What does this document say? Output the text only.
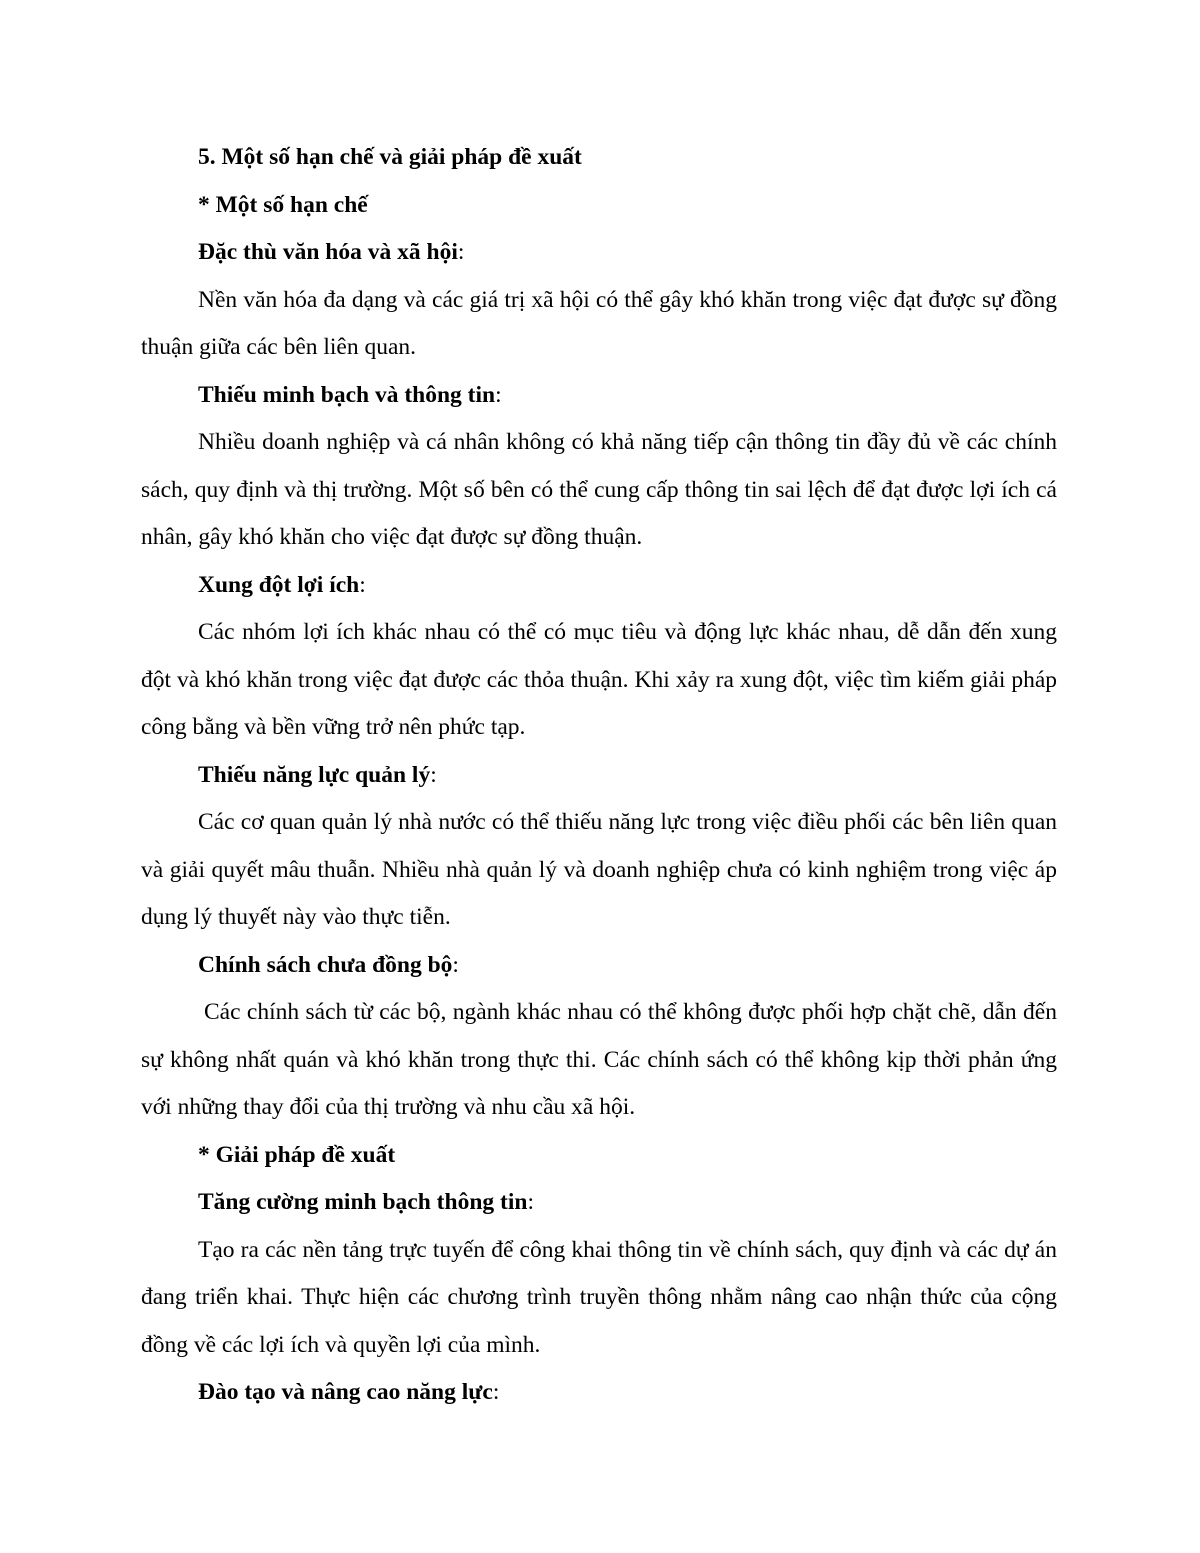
5. Một số hạn chế và giải pháp đề xuất

* Một số hạn chế

Đặc thù văn hóa và xã hội:

Nền văn hóa đa dạng và các giá trị xã hội có thể gây khó khăn trong việc đạt được sự đồng thuận giữa các bên liên quan.

Thiếu minh bạch và thông tin:

Nhiều doanh nghiệp và cá nhân không có khả năng tiếp cận thông tin đầy đủ về các chính sách, quy định và thị trường. Một số bên có thể cung cấp thông tin sai lệch để đạt được lợi ích cá nhân, gây khó khăn cho việc đạt được sự đồng thuận.

Xung đột lợi ích:

Các nhóm lợi ích khác nhau có thể có mục tiêu và động lực khác nhau, dễ dẫn đến xung đột và khó khăn trong việc đạt được các thỏa thuận. Khi xảy ra xung đột, việc tìm kiếm giải pháp công bằng và bền vững trở nên phức tạp.

Thiếu năng lực quản lý:

Các cơ quan quản lý nhà nước có thể thiếu năng lực trong việc điều phối các bên liên quan và giải quyết mâu thuẫn. Nhiều nhà quản lý và doanh nghiệp chưa có kinh nghiệm trong việc áp dụng lý thuyết này vào thực tiễn.

Chính sách chưa đồng bộ:

Các chính sách từ các bộ, ngành khác nhau có thể không được phối hợp chặt chẽ, dẫn đến sự không nhất quán và khó khăn trong thực thi. Các chính sách có thể không kịp thời phản ứng với những thay đổi của thị trường và nhu cầu xã hội.

* Giải pháp đề xuất

Tăng cường minh bạch thông tin:

Tạo ra các nền tảng trực tuyến để công khai thông tin về chính sách, quy định và các dự án đang triển khai. Thực hiện các chương trình truyền thông nhằm nâng cao nhận thức của cộng đồng về các lợi ích và quyền lợi của mình.

Đào tạo và nâng cao năng lực:
